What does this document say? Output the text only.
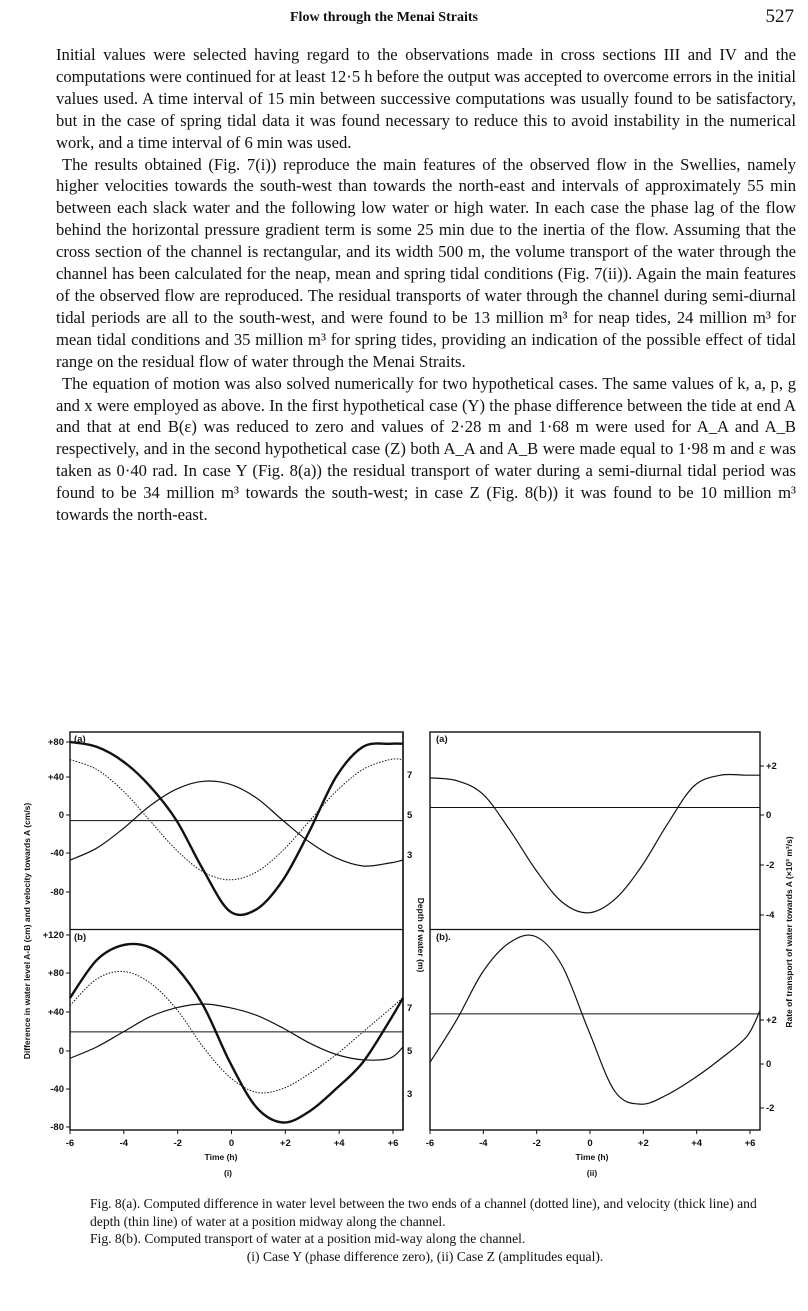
Flow through the Menai Straits	527

Initial values were selected having regard to the observations made in cross sections III and IV and the computations were continued for at least 12·5 h before the output was accepted to overcome errors in the initial values used. A time interval of 15 min between successive computations was usually found to be satisfactory, but in the case of spring tidal data it was found necessary to reduce this to avoid instability in the numerical work, and a time interval of 6 min was used.

The results obtained (Fig. 7(i)) reproduce the main features of the observed flow in the Swellies, namely higher velocities towards the south-west than towards the north-east and intervals of approximately 55 min between each slack water and the following low water or high water. In each case the phase lag of the flow behind the horizontal pressure gradient term is some 25 min due to the inertia of the flow. Assuming that the cross section of the channel is rectangular, and its width 500 m, the volume transport of the water through the channel has been calculated for the neap, mean and spring tidal conditions (Fig. 7(ii)). Again the main features of the observed flow are reproduced. The residual transports of water through the channel during semi-diurnal tidal periods are all to the south-west, and were found to be 13 million m³ for neap tides, 24 million m³ for mean tidal conditions and 35 million m³ for spring tides, providing an indication of the possible effect of tidal range on the residual flow of water through the Menai Straits.

The equation of motion was also solved numerically for two hypothetical cases. The same values of k, a, p, g and x were employed as above. In the first hypothetical case (Y) the phase difference between the tide at end A and that at end B(ε) was reduced to zero and values of 2·28 m and 1·68 m were used for A_A and A_B respectively, and in the second hypothetical case (Z) both A_A and A_B were made equal to 1·98 m and ε was taken as 0·40 rad. In case Y (Fig. 8(a)) the residual transport of water during a semi-diurnal tidal period was found to be 34 million m³ towards the south-west; in case Z (Fig. 8(b)) it was found to be 10 million m³ towards the north-east.

(a)
(b)
(a)
(b).
+80
+40
0
-40
-80
+120
+80
+40
0
-40
-80
7
5
3
7
5
3
+2
0
-2
-4
+2
0
-2
-6	-4	-2	0	+2	+4	+6	-6	-4	-2	0	+2	+4	+6
Time (h)	Time (h)
(i)	(ii)
Difference in water level A-B (cm) and velocity towards A (cm/s)	Depth of water (m)	Rate of transport of water towards A (×10³ m³/s)

Fig. 8(a). Computed difference in water level between the two ends of a channel (dotted line), and velocity (thick line) and depth (thin line) of water at a position midway along the channel.

Fig. 8(b). Computed transport of water at a position mid-way along the channel.

(i) Case Y (phase difference zero), (ii) Case Z (amplitudes equal).
